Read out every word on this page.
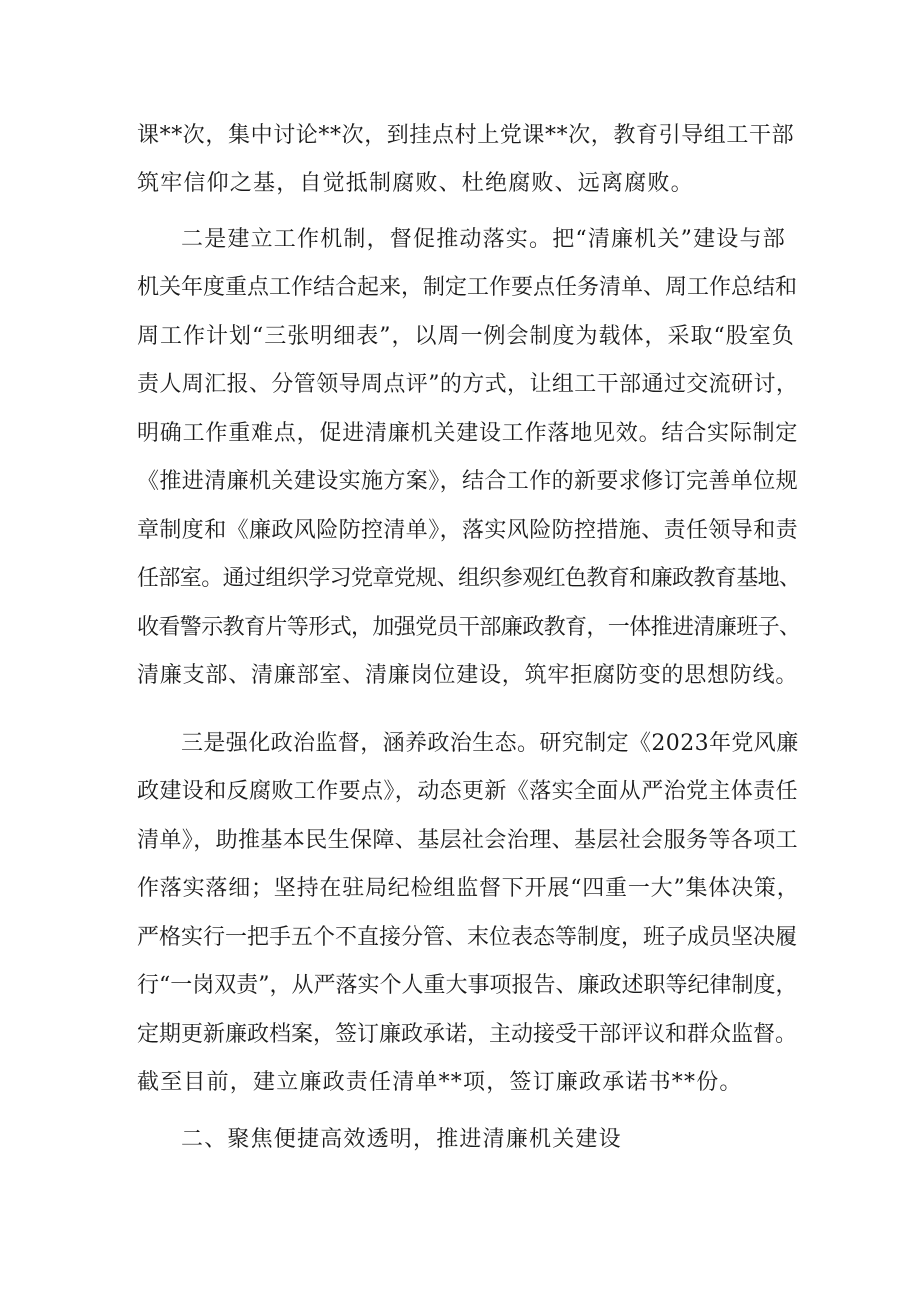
课**次，集中讨论**次，到挂点村上党课**次，教育引导组工干部
筑牢信仰之基，自觉抵制腐败、杜绝腐败、远离腐败。
二是建立工作机制，督促推动落实。把“清廉机关”建设与部
机关年度重点工作结合起来，制定工作要点任务清单、周工作总结和
周工作计划“三张明细表”，以周一例会制度为载体，采取“股室负
责人周汇报、分管领导周点评”的方式，让组工干部通过交流研讨，
明确工作重难点，促进清廉机关建设工作落地见效。结合实际制定
《推进清廉机关建设实施方案》，结合工作的新要求修订完善单位规
章制度和《廉政风险防控清单》，落实风险防控措施、责任领导和责
任部室。通过组织学习党章党规、组织参观红色教育和廉政教育基地、
收看警示教育片等形式，加强党员干部廉政教育，一体推进清廉班子、
清廉支部、清廉部室、清廉岗位建设，筑牢拒腐防变的思想防线。
三是强化政治监督，涵养政治生态。研究制定《2023年党风廉
政建设和反腐败工作要点》，动态更新《落实全面从严治党主体责任
清单》，助推基本民生保障、基层社会治理、基层社会服务等各项工
作落实落细；坚持在驻局纪检组监督下开展“四重一大”集体决策，
严格实行一把手五个不直接分管、末位表态等制度，班子成员坚决履
行“一岗双责”，从严落实个人重大事项报告、廉政述职等纪律制度，
定期更新廉政档案，签订廉政承诺，主动接受干部评议和群众监督。
截至目前，建立廉政责任清单**项，签订廉政承诺书**份。
二、聚焦便捷高效透明，推进清廉机关建设
